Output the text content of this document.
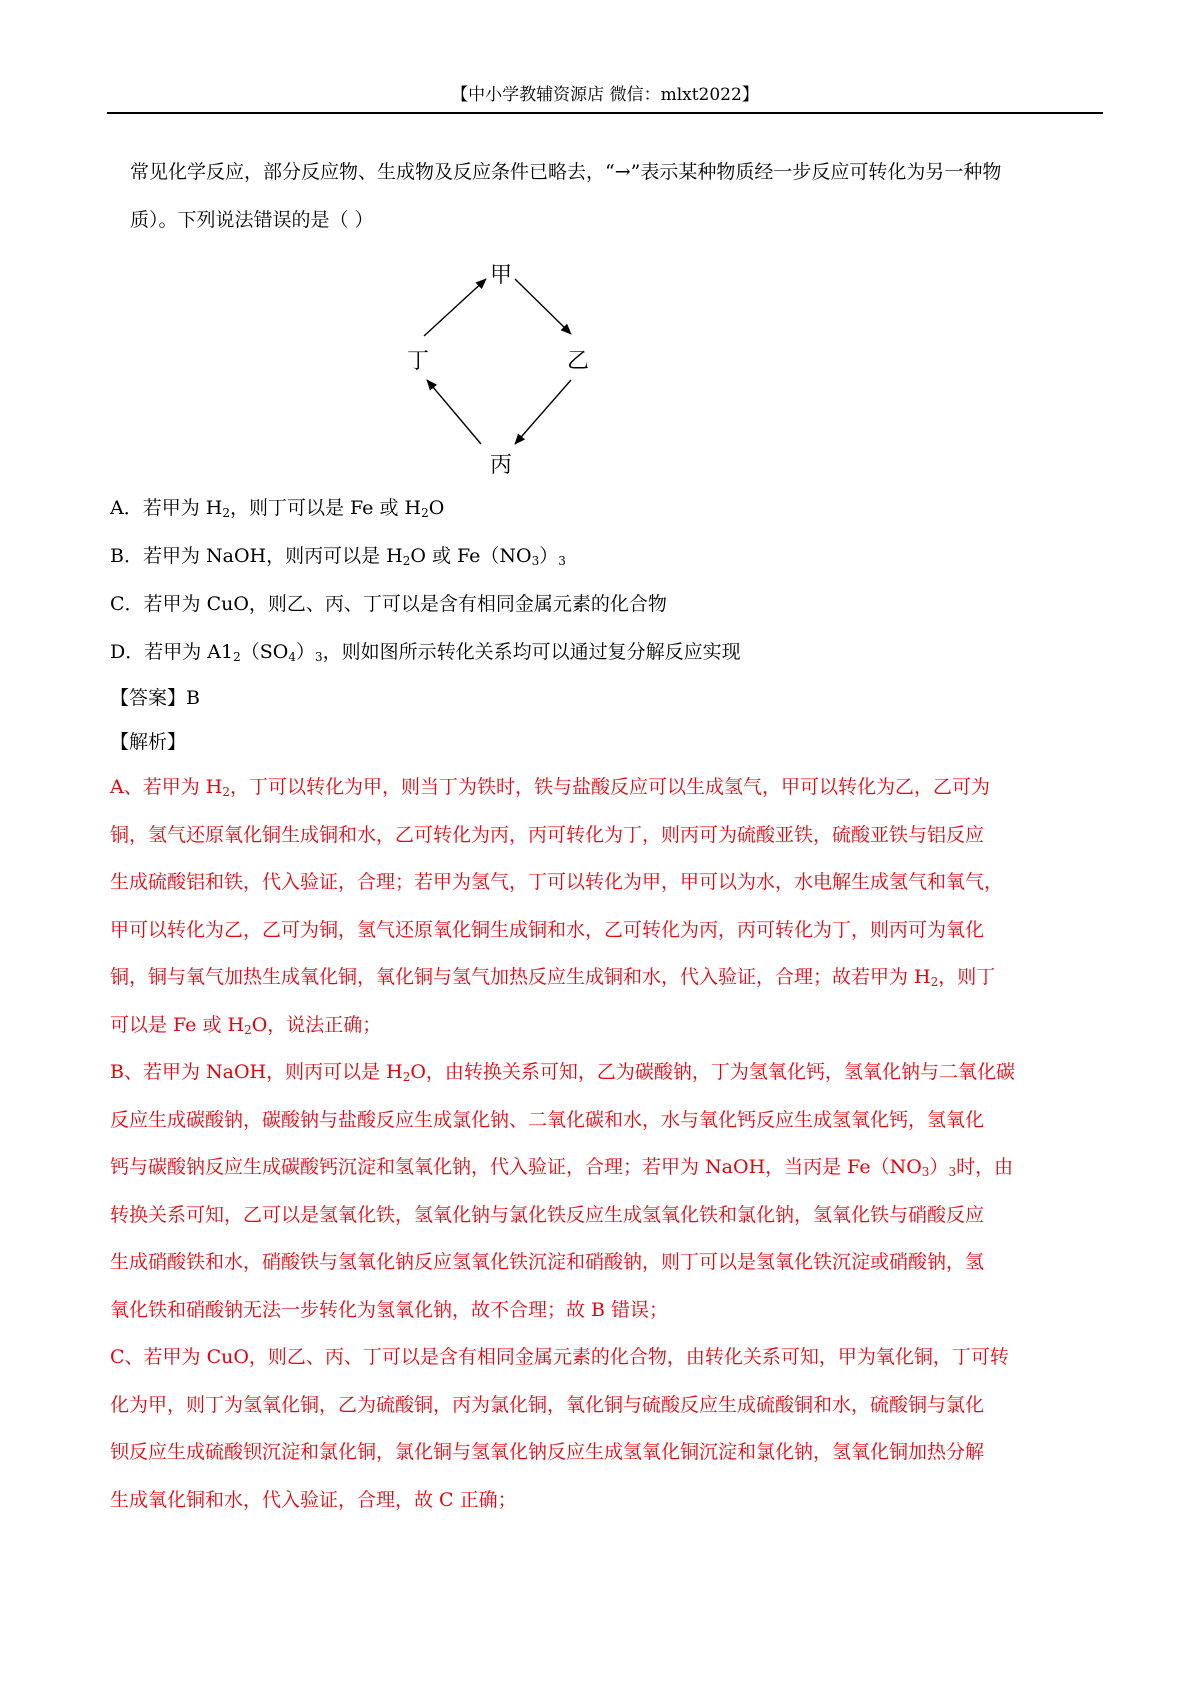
【中小学教辅资源店 微信：mlxt2022】

常见化学反应，部分反应物、生成物及反应条件已略去，“→”表示某种物质经一步反应可转化为另一种物

质）。下列说法错误的是（ ）

甲
乙
丙
丁

A．若甲为 $H_2$，则丁可以是 Fe 或 $H_2O$

B．若甲为 NaOH，则丙可以是 $H_2O$ 或 $Fe(NO_3)_3$

C．若甲为 CuO，则乙、丙、丁可以是含有相同金属元素的化合物

D．若甲为 $A1_2(SO_4)_3$，则如图所示转化关系均可以通过复分解反应实现

【答案】B

【解析】

A、若甲为 $H_2$，丁可以转化为甲，则当丁为铁时，铁与盐酸反应可以生成氢气，甲可以转化为乙，乙可为

铜，氢气还原氧化铜生成铜和水，乙可转化为丙，丙可转化为丁，则丙可为硫酸亚铁，硫酸亚铁与铝反应

生成硫酸铝和铁，代入验证，合理；若甲为氢气，丁可以转化为甲，甲可以为水，水电解生成氢气和氧气，

甲可以转化为乙，乙可为铜，氢气还原氧化铜生成铜和水，乙可转化为丙，丙可转化为丁，则丙可为氧化

铜，铜与氧气加热生成氧化铜，氧化铜与氢气加热反应生成铜和水，代入验证，合理；故若甲为 $H_2$，则丁

可以是 Fe 或 $H_2O$，说法正确；

B、若甲为 NaOH，则丙可以是 $H_2O$，由转换关系可知，乙为碳酸钠，丁为氢氧化钙，氢氧化钠与二氧化碳

反应生成碳酸钠，碳酸钠与盐酸反应生成氯化钠、二氧化碳和水，水与氧化钙反应生成氢氧化钙，氢氧化

钙与碳酸钠反应生成碳酸钙沉淀和氢氧化钠，代入验证，合理；若甲为 NaOH，当丙是 $Fe(NO_3)_3$时，由

转换关系可知，乙可以是氢氧化铁，氢氧化钠与氯化铁反应生成氢氧化铁和氯化钠，氢氧化铁与硝酸反应

生成硝酸铁和水，硝酸铁与氢氧化钠反应氢氧化铁沉淀和硝酸钠，则丁可以是氢氧化铁沉淀或硝酸钠，氢

氧化铁和硝酸钠无法一步转化为氢氧化钠，故不合理；故 B 错误；

C、若甲为 CuO，则乙、丙、丁可以是含有相同金属元素的化合物，由转化关系可知，甲为氧化铜，丁可转

化为甲，则丁为氢氧化铜，乙为硫酸铜，丙为氯化铜，氧化铜与硫酸反应生成硫酸铜和水，硫酸铜与氯化

钡反应生成硫酸钡沉淀和氯化铜，氯化铜与氢氧化钠反应生成氢氧化铜沉淀和氯化钠，氢氧化铜加热分解

生成氧化铜和水，代入验证，合理，故 C 正确；
